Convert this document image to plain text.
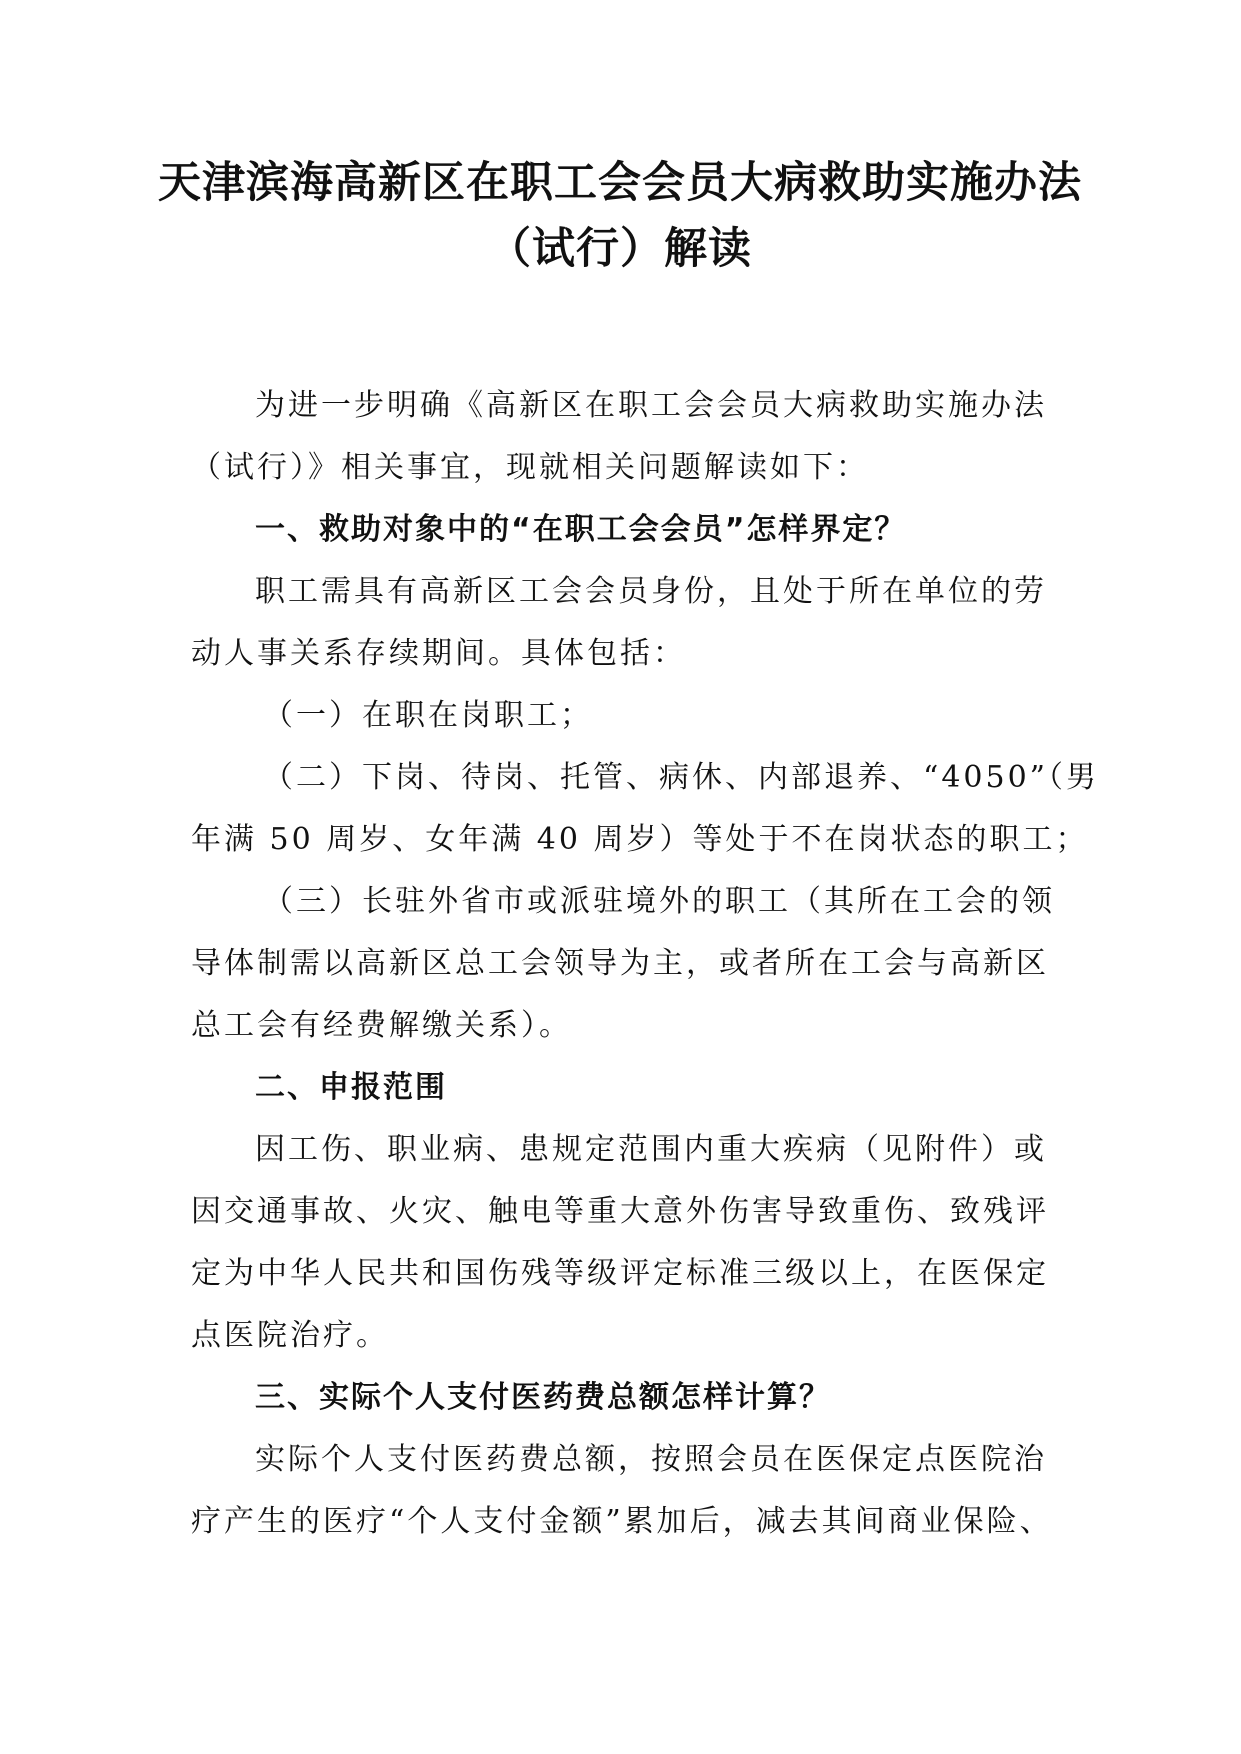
天津滨海高新区在职工会会员大病救助实施办法
（试行）解读
为进一步明确《高新区在职工会会员大病救助实施办法
（试行）》相关事宜，现就相关问题解读如下：
一、救助对象中的“在职工会会员”怎样界定？
职工需具有高新区工会会员身份，且处于所在单位的劳
动人事关系存续期间。具体包括：
（一）在职在岗职工；
（二）下岗、待岗、托管、病休、内部退养、“4050”（男
年满 50 周岁、女年满 40 周岁）等处于不在岗状态的职工；
（三）长驻外省市或派驻境外的职工（其所在工会的领
导体制需以高新区总工会领导为主，或者所在工会与高新区
总工会有经费解缴关系）。
二、申报范围
因工伤、职业病、患规定范围内重大疾病（见附件）或
因交通事故、火灾、触电等重大意外伤害导致重伤、致残评
定为中华人民共和国伤残等级评定标准三级以上，在医保定
点医院治疗。
三、实际个人支付医药费总额怎样计算？
实际个人支付医药费总额，按照会员在医保定点医院治
疗产生的医疗“个人支付金额”累加后，减去其间商业保险、
